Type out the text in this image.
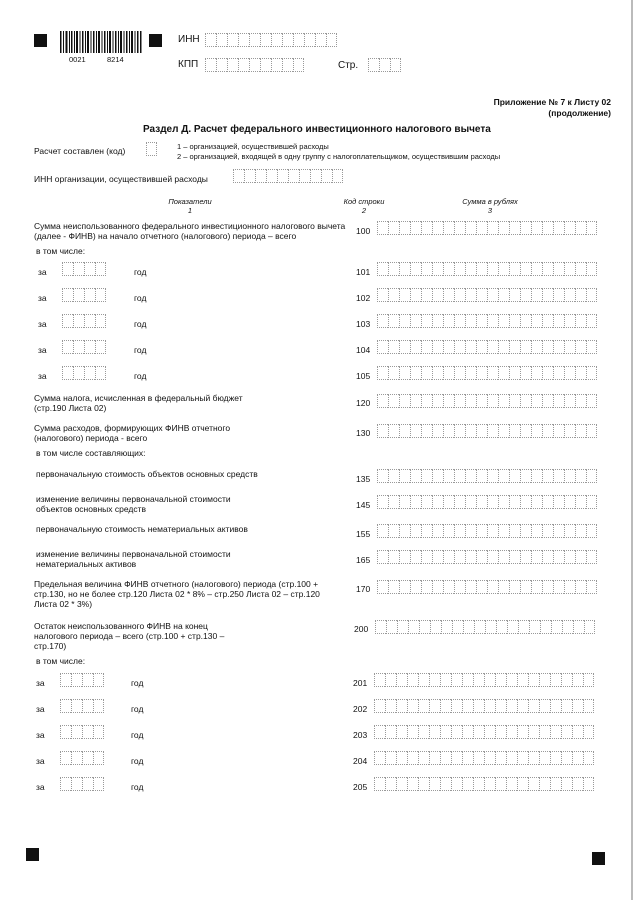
0021	8214
ИНН
КПП	Стр.
Приложение № 7 к Листу 02
(продолжение)
Раздел Д. Расчет федерального инвестиционного налогового вычета
Расчет составлен (код)	1 – организацией, осуществившей расходы
2 – организацией, входящей в одну группу с налогоплательщиком, осуществившим расходы
ИНН организации, осуществившей расходы
Показатели
1
Код строки
2
Сумма в рублях
3
Сумма неиспользованного федерального инвестиционного налогового вычета (далее - ФИНВ) на начало отчетного (налогового) периода – всего	100
в том числе:
за	год	101
за	год	102
за	год	103
за	год	104
за	год	105
Сумма налога, исчисленная в федеральный бюджет (стр.190 Листа 02)	120
Сумма расходов, формирующих ФИНВ отчетного (налогового) периода - всего	130
в том числе составляющих:
первоначальную стоимость объектов основных средств	135
изменение величины первоначальной стоимости объектов основных средств	145
первоначальную стоимость нематериальных активов	155
изменение величины первоначальной стоимости нематериальных активов	165
Предельная величина ФИНВ отчетного (налогового) периода (стр.100 + стр.130, но не более стр.120 Листа 02 * 8% – стр.250 Листа 02 – стр.120 Листа 02 * 3%)
170
Остаток неиспользованного ФИНВ на конец налогового периода – всего (стр.100 + стр.130 – стр.170)
200
в том числе:
за	год	201
за	год	202
за	год	203
за	год	204
за	год	205
